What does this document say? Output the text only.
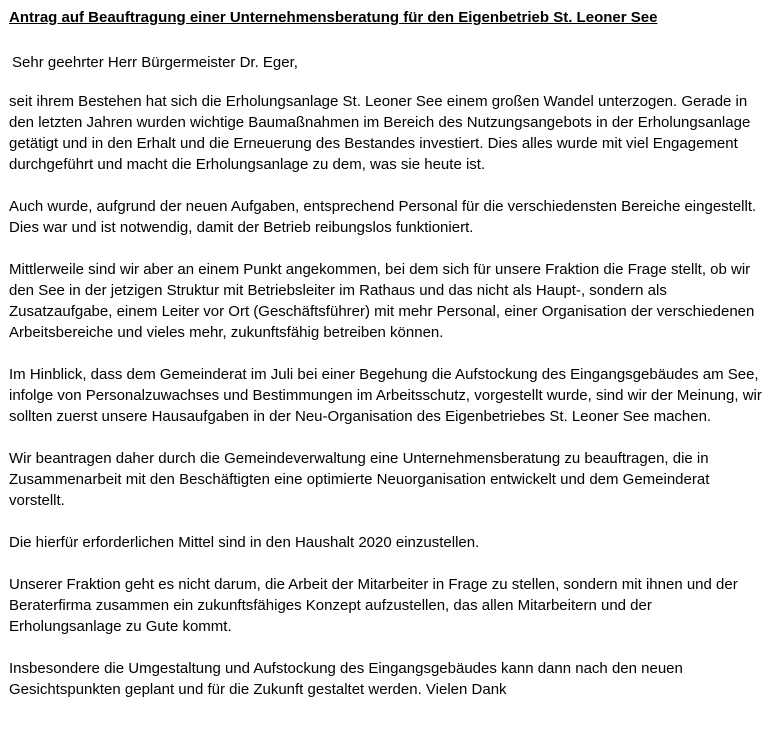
Antrag auf Beauftragung einer Unternehmensberatung für den Eigenbetrieb St. Leoner See
Sehr geehrter Herr Bürgermeister Dr. Eger,

seit ihrem Bestehen hat sich die Erholungsanlage St. Leoner See einem großen Wandel unterzogen. Gerade in den letzten Jahren wurden wichtige Baumaßnahmen im Bereich des Nutzungsangebots in der Erholungsanlage getätigt und in den Erhalt und die Erneuerung des Bestandes investiert. Dies alles wurde mit viel Engagement durchgeführt und macht die Erholungsanlage zu dem, was sie heute ist.

Auch wurde, aufgrund der neuen Aufgaben, entsprechend Personal für die verschiedensten Bereiche eingestellt. Dies war und ist notwendig, damit der Betrieb reibungslos funktioniert.

Mittlerweile sind wir aber an einem Punkt angekommen, bei dem sich für unsere Fraktion die Frage stellt, ob wir den See in der jetzigen Struktur mit Betriebsleiter im Rathaus und das nicht als Haupt-, sondern als Zusatzaufgabe, einem Leiter vor Ort (Geschäftsführer) mit mehr Personal, einer Organisation der verschiedenen Arbeitsbereiche und vieles mehr, zukunftsfähig betreiben können.

Im Hinblick, dass dem Gemeinderat im Juli bei einer Begehung die Aufstockung des Eingangsgebäudes am See, infolge von Personalzuwachses und Bestimmungen im Arbeitsschutz, vorgestellt wurde, sind wir der Meinung, wir sollten zuerst unsere Hausaufgaben in der Neu-Organisation des Eigenbetriebes St. Leoner See machen.

Wir beantragen daher durch die Gemeindeverwaltung eine Unternehmensberatung zu beauftragen, die in Zusammenarbeit mit den Beschäftigten eine optimierte Neuorganisation entwickelt und dem Gemeinderat vorstellt.

Die hierfür erforderlichen Mittel sind in den Haushalt 2020 einzustellen.

Unserer Fraktion geht es nicht darum, die Arbeit der Mitarbeiter in Frage zu stellen, sondern mit ihnen und der Beraterfirma zusammen ein zukunftsfähiges Konzept aufzustellen, das allen Mitarbeitern und der Erholungsanlage zu Gute kommt.

Insbesondere die Umgestaltung und Aufstockung des Eingangsgebäudes kann dann nach den neuen Gesichtspunkten geplant und für die Zukunft gestaltet werden. Vielen Dank
